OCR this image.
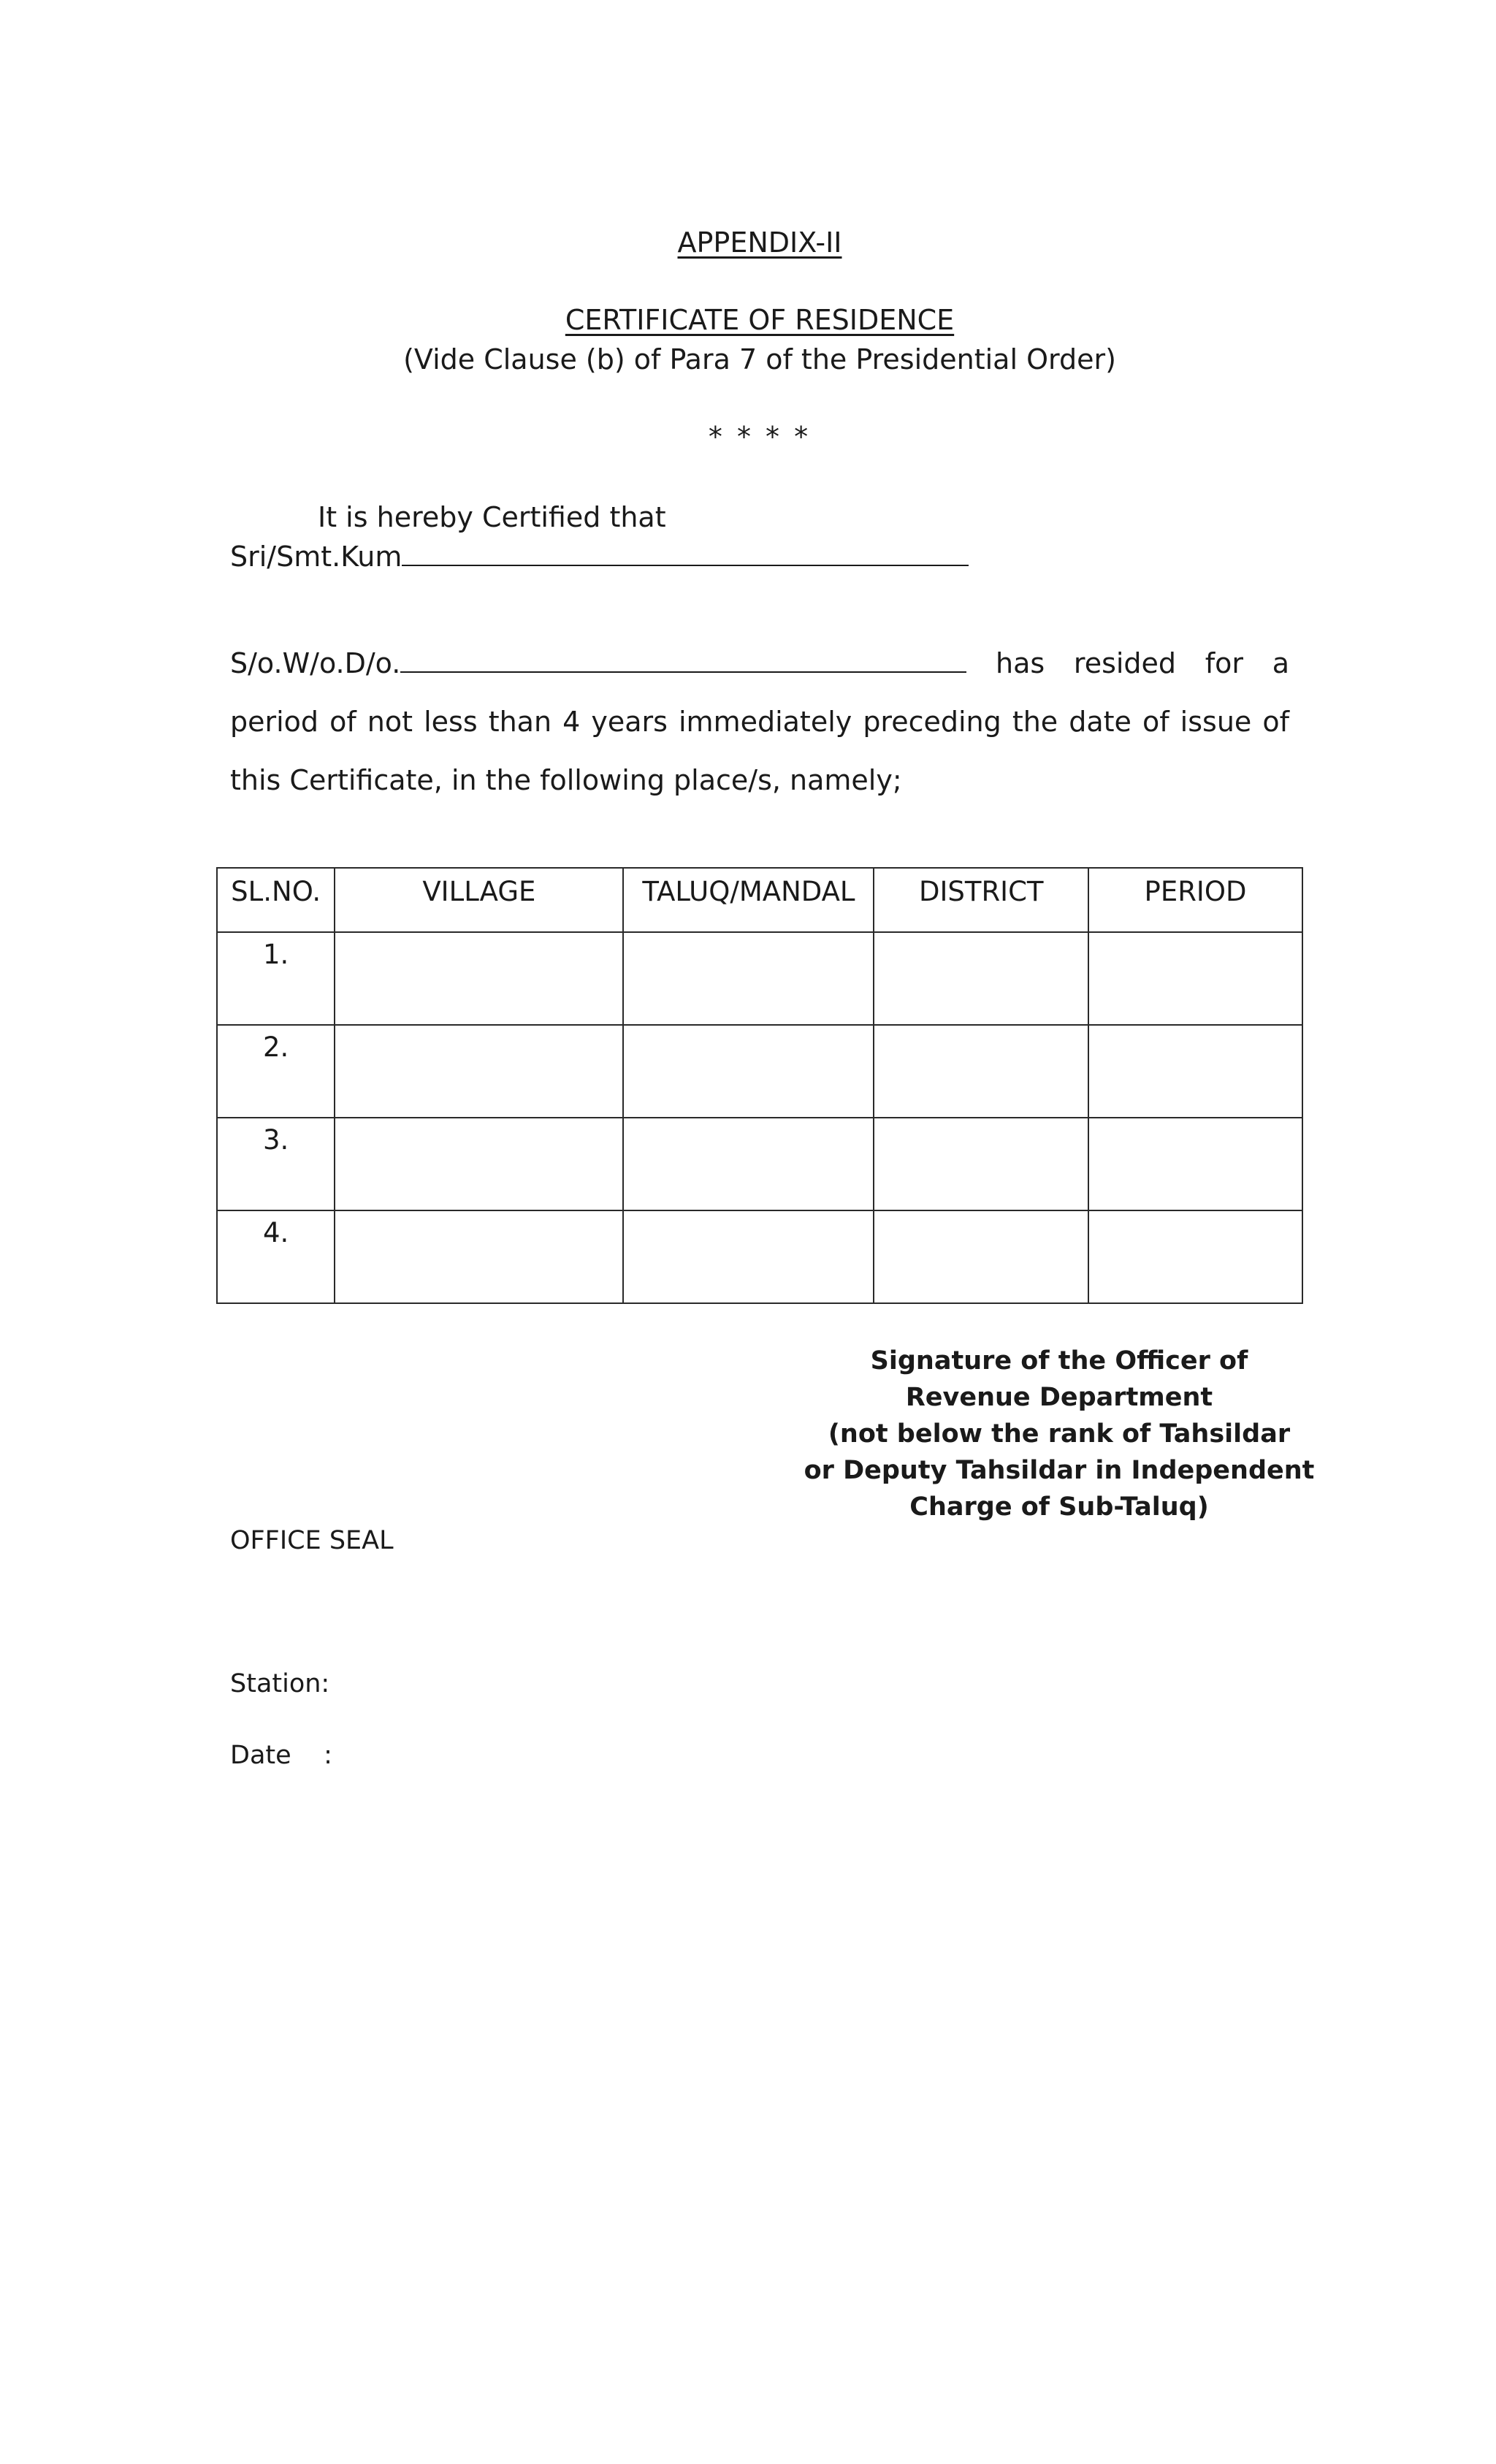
APPENDIX-II
CERTIFICATE OF RESIDENCE
(Vide Clause (b) of Para 7 of the Presidential Order)
* * * *
It is hereby Certified that
Sri/Smt.Kum
S/o.W/o.D/o.	has resided for a period of not less than 4 years immediately preceding the date of issue of this Certificate, in the following place/s, namely;
SL.NO.	VILLAGE	TALUQ/MANDAL	DISTRICT	PERIOD
1.				
2.				
3.				
4.				
Signature of the Officer of
Revenue Department
(not below the rank of Tahsildar
or Deputy Tahsildar in Independent
Charge of Sub-Taluq)
OFFICE SEAL
Station:
Date    :
